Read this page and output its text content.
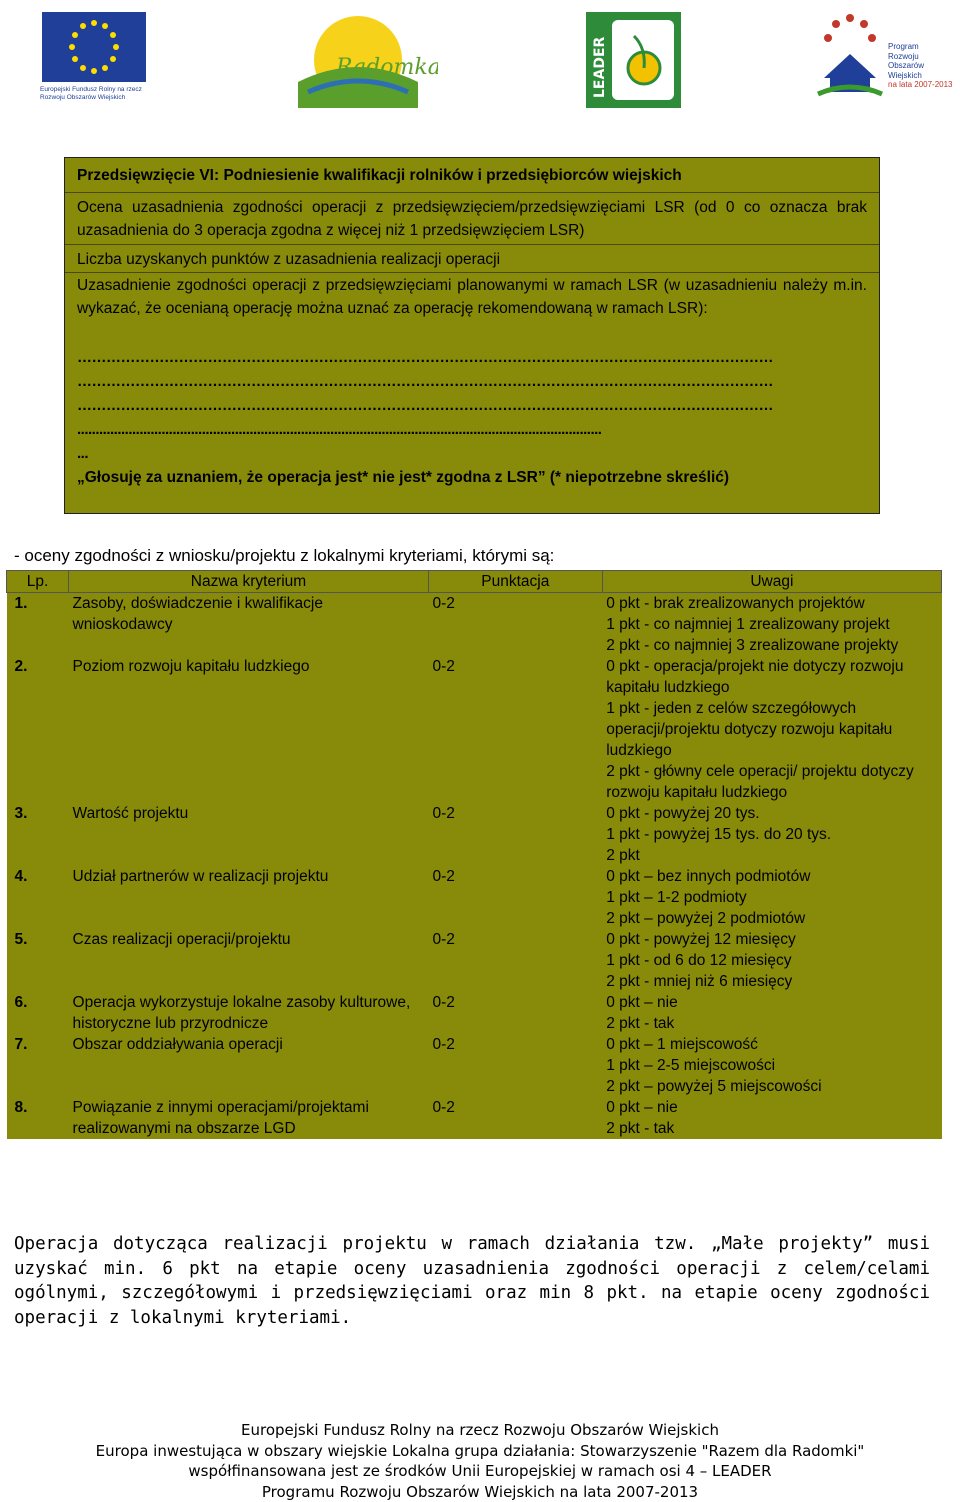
Europejski Fundusz Rolny na rzecz Rozwoju Obszarów Wiejskich
Radomka	LEADER	Program
Rozwoju
Obszarów
Wiejskich
na lata 2007-2013
Przedsięwzięcie VI: Podniesienie kwalifikacji rolników i przedsiębiorców wiejskich
Ocena uzasadnienia zgodności operacji z przedsięwzięciem/przedsięwzięciami LSR (od 0 co oznacza brak uzasadnienia do 3 operacja zgodna z więcej niż 1 przedsięwzięciem LSR)
Liczba uzyskanych punktów z uzasadnienia realizacji operacji
Uzasadnienie zgodności operacji z przedsięwzięciami planowanymi w ramach LSR (w uzasadnieniu należy m.in. wykazać, że ocenianą operację można uznać za operację rekomendowaną w ramach LSR):
………………………………………………………………………………………………………………………………
………………………………………………………………………………………………………………………………
………………………………………………………………………………………………………………………………
...............................................................................................................................................
...
„Głosuję za uznaniem, że operacja jest* nie jest* zgodna z LSR” (* niepotrzebne skreślić)
- oceny zgodności z wniosku/projektu z lokalnymi kryteriami, którymi są:
Lp.	Nazwa kryterium	Punktacja	Uwagi
1.	Zasoby, doświadczenie i kwalifikacje wnioskodawcy	0-2	0 pkt - brak zrealizowanych projektów
1 pkt - co najmniej 1 zrealizowany projekt
2 pkt - co najmniej 3 zrealizowane projekty

2.	Poziom rozwoju kapitału ludzkiego	0-2	0 pkt - operacja/projekt nie dotyczy rozwoju kapitału ludzkiego
1 pkt - jeden z celów szczegółowych operacji/projektu dotyczy rozwoju kapitału ludzkiego
2 pkt - główny cele operacji/ projektu dotyczy rozwoju kapitału ludzkiego

3.	Wartość projektu	0-2	0 pkt - powyżej 20 tys.
1 pkt - powyżej 15 tys. do 20 tys.
2 pkt

4.	Udział partnerów w realizacji projektu	0-2	0 pkt – bez innych podmiotów
1 pkt – 1-2 podmioty
2 pkt – powyżej 2 podmiotów

5.	Czas realizacji operacji/projektu	0-2	0 pkt - powyżej 12 miesięcy
1 pkt - od 6 do 12 miesięcy
2 pkt - mniej niż 6 miesięcy

6.	Operacja wykorzystuje lokalne zasoby kulturowe, historyczne lub przyrodnicze	0-2	0 pkt – nie
2 pkt - tak

7.	Obszar oddziaływania operacji	0-2	0 pkt – 1 miejscowość
1 pkt – 2-5 miejscowości
2 pkt – powyżej 5 miejscowości

8.	Powiązanie z innymi operacjami/projektami realizowanymi na obszarze LGD	0-2	0 pkt – nie
2 pkt - tak
Operacja dotycząca realizacji projektu w ramach działania tzw. „Małe projekty” musi uzyskać min. 6 pkt na etapie oceny uzasadnienia zgodności operacji z celem/celami ogólnymi, szczegółowymi i przedsięwzięciami oraz min 8 pkt. na etapie oceny zgodności operacji z lokalnymi kryteriami.
Europejski Fundusz Rolny na rzecz Rozwoju Obszarów Wiejskich
Europa inwestująca w obszary wiejskie Lokalna grupa działania: Stowarzyszenie "Razem dla Radomki"
współfinansowana jest ze środków Unii Europejskiej w ramach osi 4 – LEADER
Programu Rozwoju Obszarów Wiejskich na lata 2007-2013
